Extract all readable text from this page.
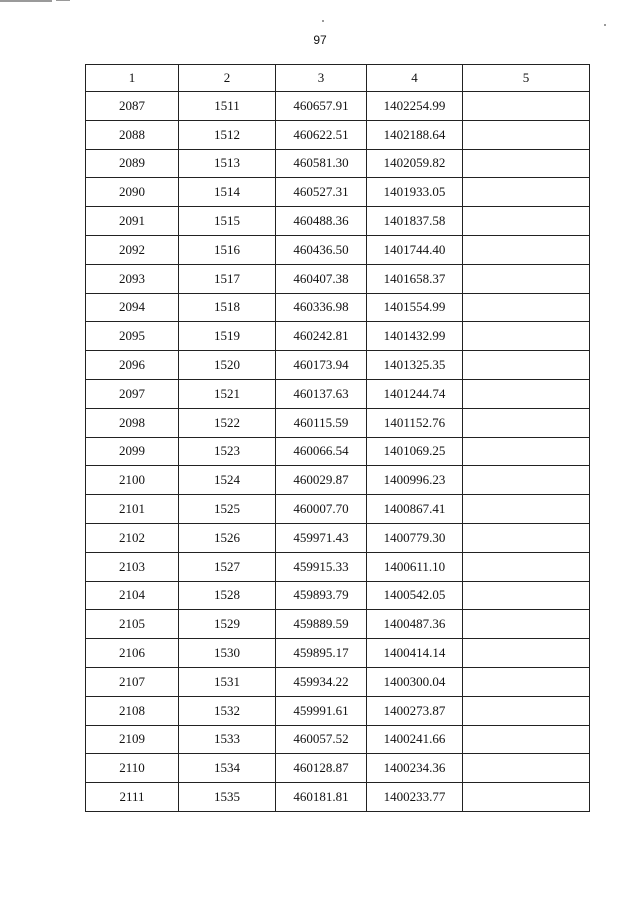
97
1	2	3	4	5
2087	1511	460657.91	1402254.99	
2088	1512	460622.51	1402188.64	
2089	1513	460581.30	1402059.82	
2090	1514	460527.31	1401933.05	
2091	1515	460488.36	1401837.58	
2092	1516	460436.50	1401744.40	
2093	1517	460407.38	1401658.37	
2094	1518	460336.98	1401554.99	
2095	1519	460242.81	1401432.99	
2096	1520	460173.94	1401325.35	
2097	1521	460137.63	1401244.74	
2098	1522	460115.59	1401152.76	
2099	1523	460066.54	1401069.25	
2100	1524	460029.87	1400996.23	
2101	1525	460007.70	1400867.41	
2102	1526	459971.43	1400779.30	
2103	1527	459915.33	1400611.10	
2104	1528	459893.79	1400542.05	
2105	1529	459889.59	1400487.36	
2106	1530	459895.17	1400414.14	
2107	1531	459934.22	1400300.04	
2108	1532	459991.61	1400273.87	
2109	1533	460057.52	1400241.66	
2110	1534	460128.87	1400234.36	
2111	1535	460181.81	1400233.77	
